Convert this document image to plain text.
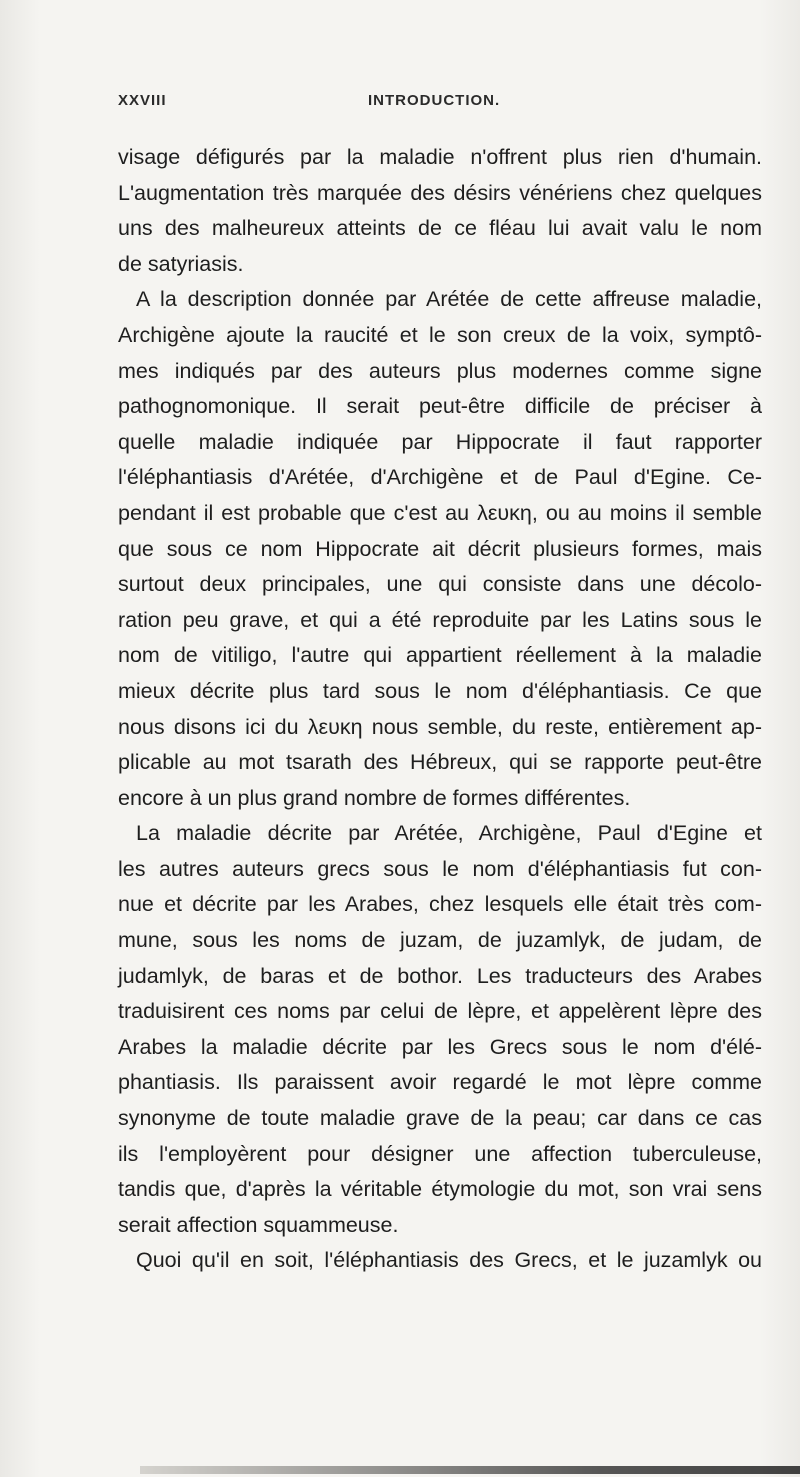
XXVIII	INTRODUCTION.
visage défigurés par la maladie n'offrent plus rien d'humain.
L'augmentation très marquée des désirs vénériens chez quelques
uns des malheureux atteints de ce fléau lui avait valu le nom
de satyriasis.
A la description donnée par Arétée de cette affreuse maladie,
Archigène ajoute la raucité et le son creux de la voix, symptô-
mes indiqués par des auteurs plus modernes comme signe
pathognomonique. Il serait peut-être difficile de préciser à
quelle maladie indiquée par Hippocrate il faut rapporter
l'éléphantiasis d'Arétée, d'Archigène et de Paul d'Egine. Ce-
pendant il est probable que c'est au λευκη, ou au moins il semble
que sous ce nom Hippocrate ait décrit plusieurs formes, mais
surtout deux principales, une qui consiste dans une décolo-
ration peu grave, et qui a été reproduite par les Latins sous le
nom de vitiligo, l'autre qui appartient réellement à la maladie
mieux décrite plus tard sous le nom d'éléphantiasis. Ce que
nous disons ici du λευκη nous semble, du reste, entièrement ap-
plicable au mot tsarath des Hébreux, qui se rapporte peut-être
encore à un plus grand nombre de formes différentes.
La maladie décrite par Arétée, Archigène, Paul d'Egine et
les autres auteurs grecs sous le nom d'éléphantiasis fut con-
nue et décrite par les Arabes, chez lesquels elle était très com-
mune, sous les noms de juzam, de juzamlyk, de judam, de
judamlyk, de baras et de bothor. Les traducteurs des Arabes
traduisirent ces noms par celui de lèpre, et appelèrent lèpre des
Arabes la maladie décrite par les Grecs sous le nom d'élé-
phantiasis. Ils paraissent avoir regardé le mot lèpre comme
synonyme de toute maladie grave de la peau; car dans ce cas
ils l'employèrent pour désigner une affection tuberculeuse,
tandis que, d'après la véritable étymologie du mot, son vrai sens
serait affection squammeuse.
Quoi qu'il en soit, l'éléphantiasis des Grecs, et le juzamlyk ou
